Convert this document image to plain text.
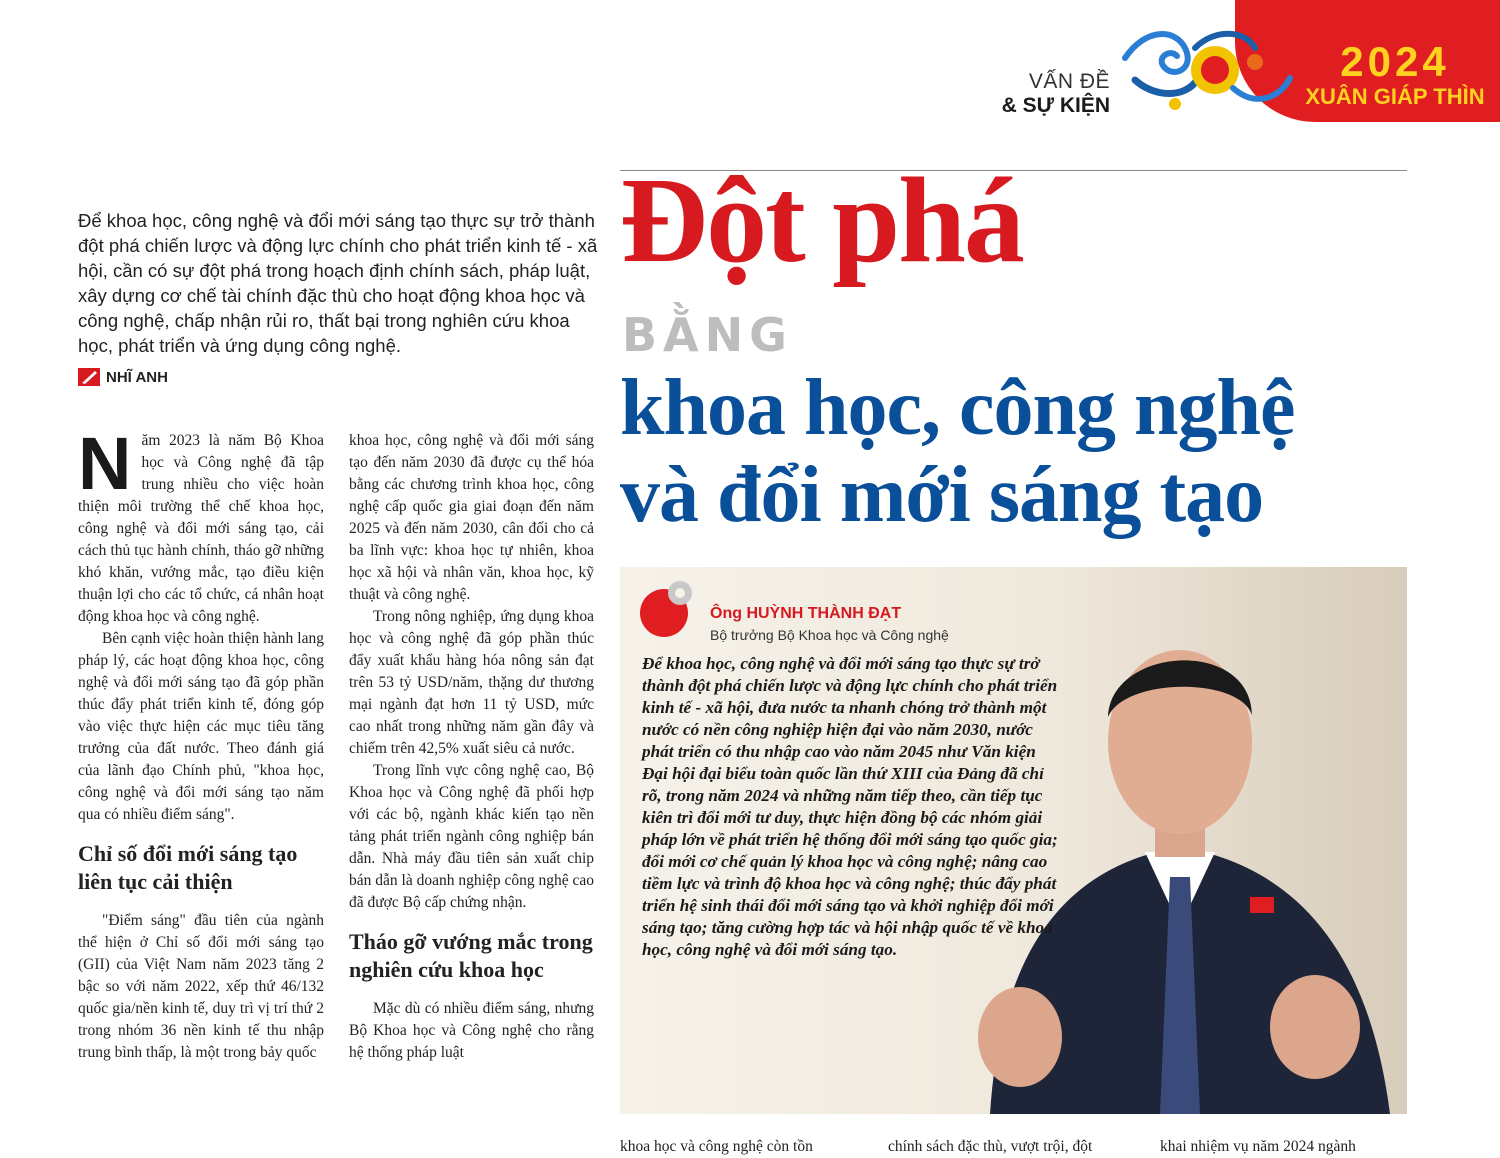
VẤN ĐỀ
& SỰ KIỆN
2024
XUÂN GIÁP THÌN
Đột phá
BẰNG
khoa học, công nghệ
và đổi mới sáng tạo
Để khoa học, công nghệ và đổi mới sáng tạo thực sự trở thành đột phá chiến lược và động lực chính cho phát triển kinh tế - xã hội, cần có sự đột phá trong hoạch định chính sách, pháp luật, xây dựng cơ chế tài chính đặc thù cho hoạt động khoa học và công nghệ, chấp nhận rủi ro, thất bại trong nghiên cứu khoa học, phát triển và ứng dụng công nghệ.
NHĨ ANH

Năm 2023 là năm Bộ Khoa học và Công nghệ đã tập trung nhiều cho việc hoàn thiện môi trường thể chế khoa học, công nghệ và đổi mới sáng tạo, cải cách thủ tục hành chính, tháo gỡ những khó khăn, vướng mắc, tạo điều kiện thuận lợi cho các tổ chức, cá nhân hoạt động khoa học và công nghệ.

Bên cạnh việc hoàn thiện hành lang pháp lý, các hoạt động khoa học, công nghệ và đổi mới sáng tạo đã góp phần thúc đẩy phát triển kinh tế, đóng góp vào việc thực hiện các mục tiêu tăng trưởng của đất nước. Theo đánh giá của lãnh đạo Chính phủ, "khoa học, công nghệ và đổi mới sáng tạo năm qua có nhiều điểm sáng".

Chỉ số đổi mới sáng tạo liên tục cải thiện

"Điểm sáng" đầu tiên của ngành thể hiện ở Chỉ số đổi mới sáng tạo (GII) của Việt Nam năm 2023 tăng 2 bậc so với năm 2022, xếp thứ 46/132 quốc gia/nền kinh tế, duy trì vị trí thứ 2 trong nhóm 36 nền kinh tế thu nhập trung bình thấp, là một trong bảy quốc

khoa học, công nghệ và đổi mới sáng tạo đến năm 2030 đã được cụ thể hóa bằng các chương trình khoa học, công nghệ cấp quốc gia giai đoạn đến năm 2025 và đến năm 2030, cân đối cho cả ba lĩnh vực: khoa học tự nhiên, khoa học xã hội và nhân văn, khoa học, kỹ thuật và công nghệ.

Trong nông nghiệp, ứng dụng khoa học và công nghệ đã góp phần thúc đẩy xuất khẩu hàng hóa nông sản đạt trên 53 tỷ USD/năm, thặng dư thương mại ngành đạt hơn 11 tỷ USD, mức cao nhất trong những năm gần đây và chiếm trên 42,5% xuất siêu cả nước.

Trong lĩnh vực công nghệ cao, Bộ Khoa học và Công nghệ đã phối hợp với các bộ, ngành khác kiến tạo nền tảng phát triển ngành công nghiệp bán dẫn. Nhà máy đầu tiên sản xuất chip bán dẫn là doanh nghiệp công nghệ cao đã được Bộ cấp chứng nhận.

Tháo gỡ vướng mắc trong nghiên cứu khoa học

Mặc dù có nhiều điểm sáng, nhưng Bộ Khoa học và Công nghệ cho rằng hệ thống pháp luật

Ông HUỲNH THÀNH ĐẠT
Bộ trưởng Bộ Khoa học và Công nghệ
Để khoa học, công nghệ và đổi mới sáng tạo thực sự trở thành đột phá chiến lược và động lực chính cho phát triển kinh tế - xã hội, đưa nước ta nhanh chóng trở thành một nước có nền công nghiệp hiện đại vào năm 2030, nước phát triển có thu nhập cao vào năm 2045 như Văn kiện Đại hội đại biểu toàn quốc lần thứ XIII của Đảng đã chỉ rõ, trong năm 2024 và những năm tiếp theo, cần tiếp tục kiên trì đổi mới tư duy, thực hiện đồng bộ các nhóm giải pháp lớn về phát triển hệ thống đổi mới sáng tạo quốc gia; đổi mới cơ chế quản lý khoa học và công nghệ; nâng cao tiềm lực và trình độ khoa học và công nghệ; thúc đẩy phát triển hệ sinh thái đổi mới sáng tạo và khởi nghiệp đổi mới sáng tạo; tăng cường hợp tác và hội nhập quốc tế về khoa học, công nghệ và đổi mới sáng tạo.
khoa học và công nghệ còn tồn	chính sách đặc thù, vượt trội, đột	khai nhiệm vụ năm 2024 ngành
